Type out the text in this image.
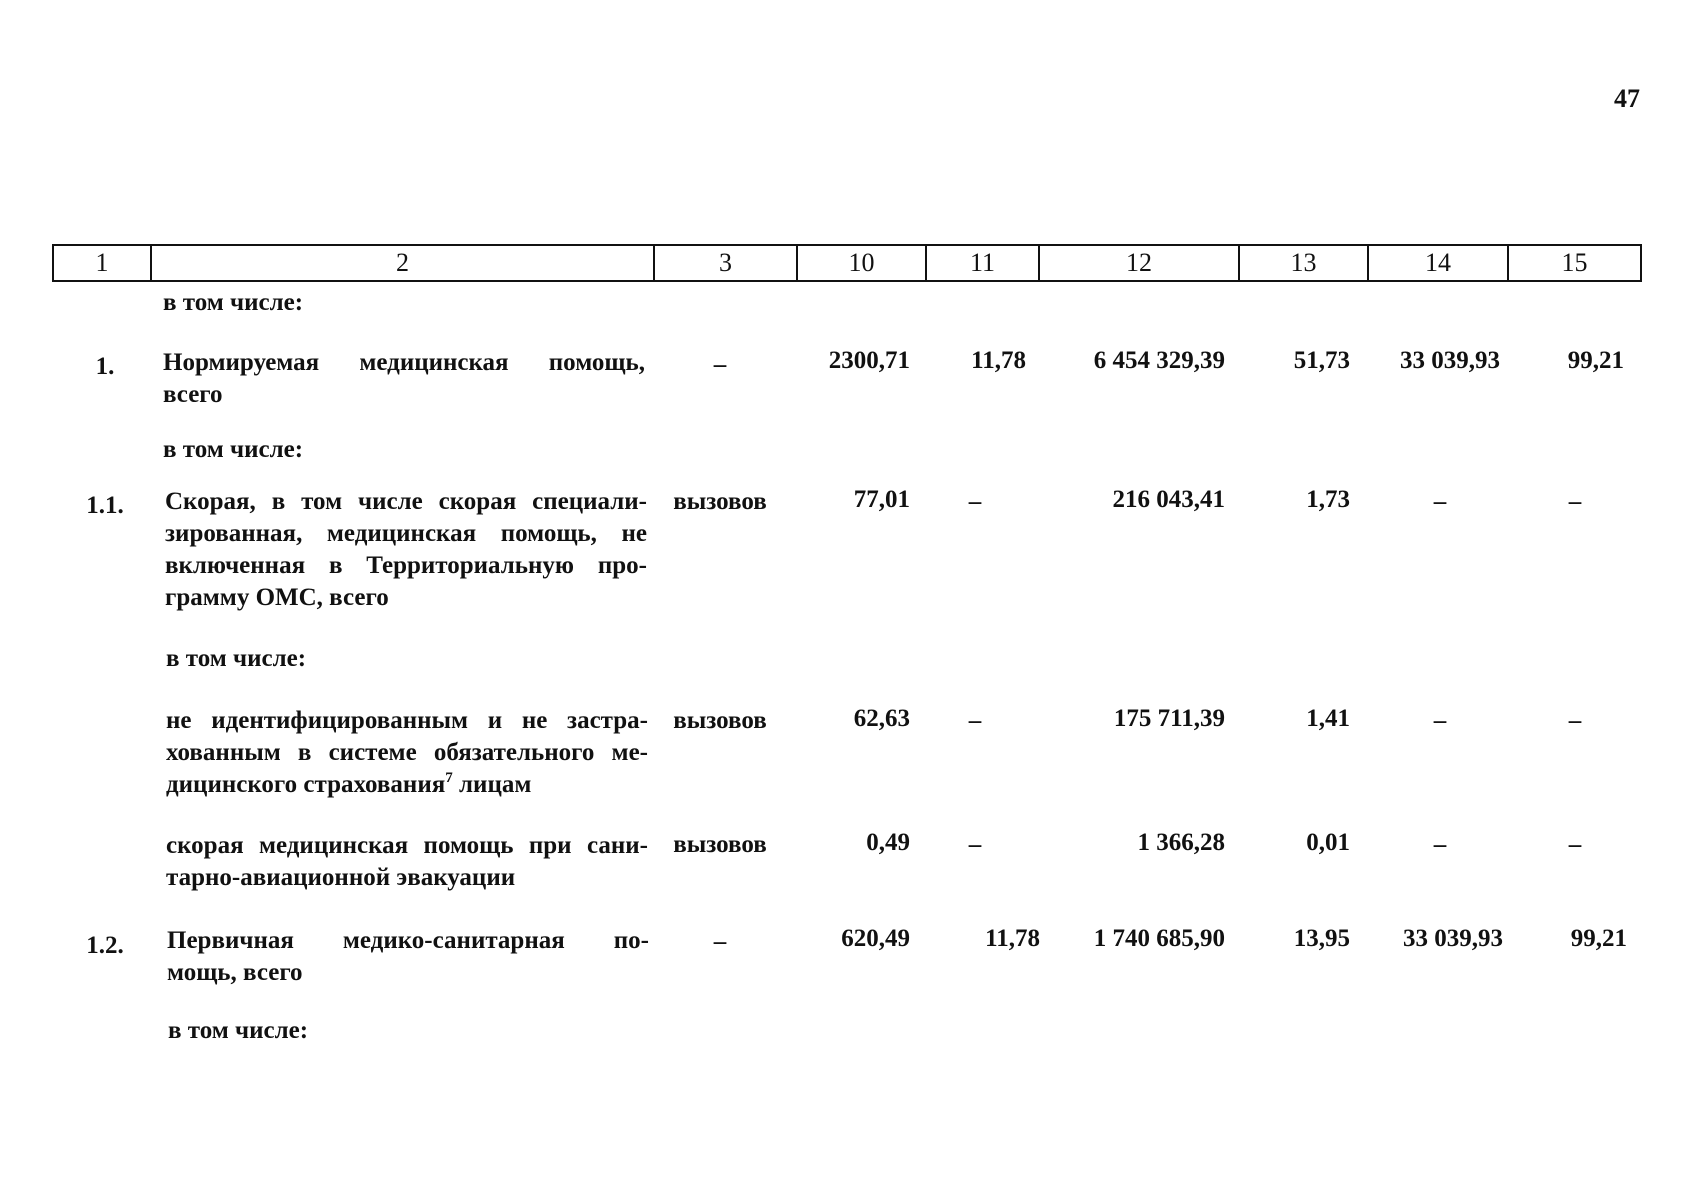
47
1	2	3	10	11	12	13	14	15
в том числе:
1.	Нормируемая медицинская помощь,
всего
–	2300,71	11,78	6 454 329,39	51,73	33 039,93	99,21
в том числе:
1.1.	Скорая, в том числе скорая специали-
зированная, медицинская помощь, не
включенная в Территориальную про-
грамму ОМС, всего
вызовов	77,01	–	216 043,41	1,73	–	–
в том числе:
не идентифицированным и не застра-
хованным в системе обязательного ме-
дицинского страхования$^7$ лицам
вызовов	62,63	–	175 711,39	1,41	–	–
скорая медицинская помощь при сани-
тарно-авиационной эвакуации
вызовов	0,49	–	1 366,28	0,01	–	–
1.2.	Первичная медико-санитарная по-
мощь, всего
–	620,49	11,78	1 740 685,90	13,95	33 039,93	99,21
в том числе:
